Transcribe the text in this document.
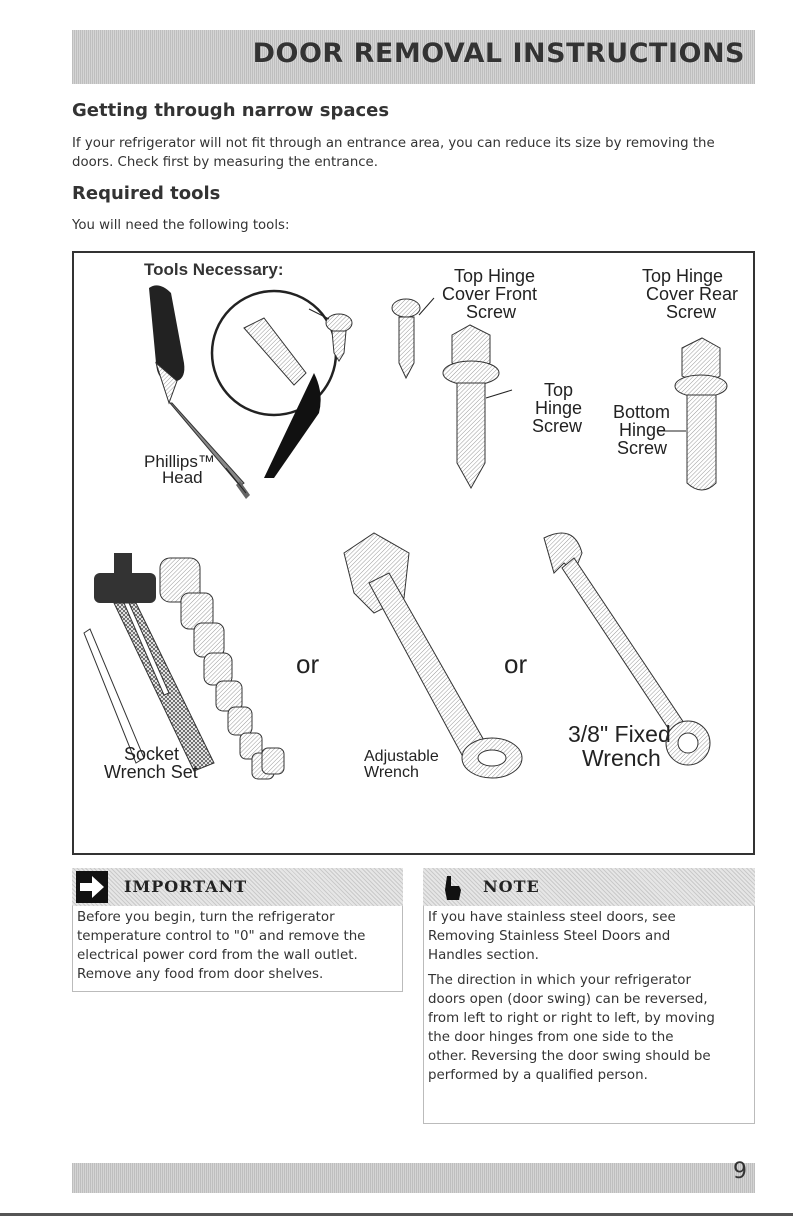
DOOR REMOVAL INSTRUCTIONS
Getting through narrow spaces

If your refrigerator will not fit through an entrance area, you can reduce its size by removing the

doors. Check first by measuring the entrance.

Required tools

You will need the following tools:

Tools Necessary:
Phillips™
Head
Top Hinge
Cover Front
Screw
Top Hinge
Cover Rear
Screw
Top
Hinge
Screw
Bottom
Hinge
Screw
or	or
Socket
Wrench Set
Adjustable
Wrench
3/8" Fixed
Wrench
IMPORTANT
Before you begin, turn the refrigerator
temperature control to "0" and remove the
electrical power cord from the wall outlet.
Remove any food from door shelves.
NOTE
If you have stainless steel doors, see
Removing Stainless Steel Doors and
Handles section.
The direction in which your refrigerator
doors open (door swing) can be reversed,
from left to right or right to left, by moving
the door hinges from one side to the
other. Reversing the door swing should be
performed by a qualified person.
9
